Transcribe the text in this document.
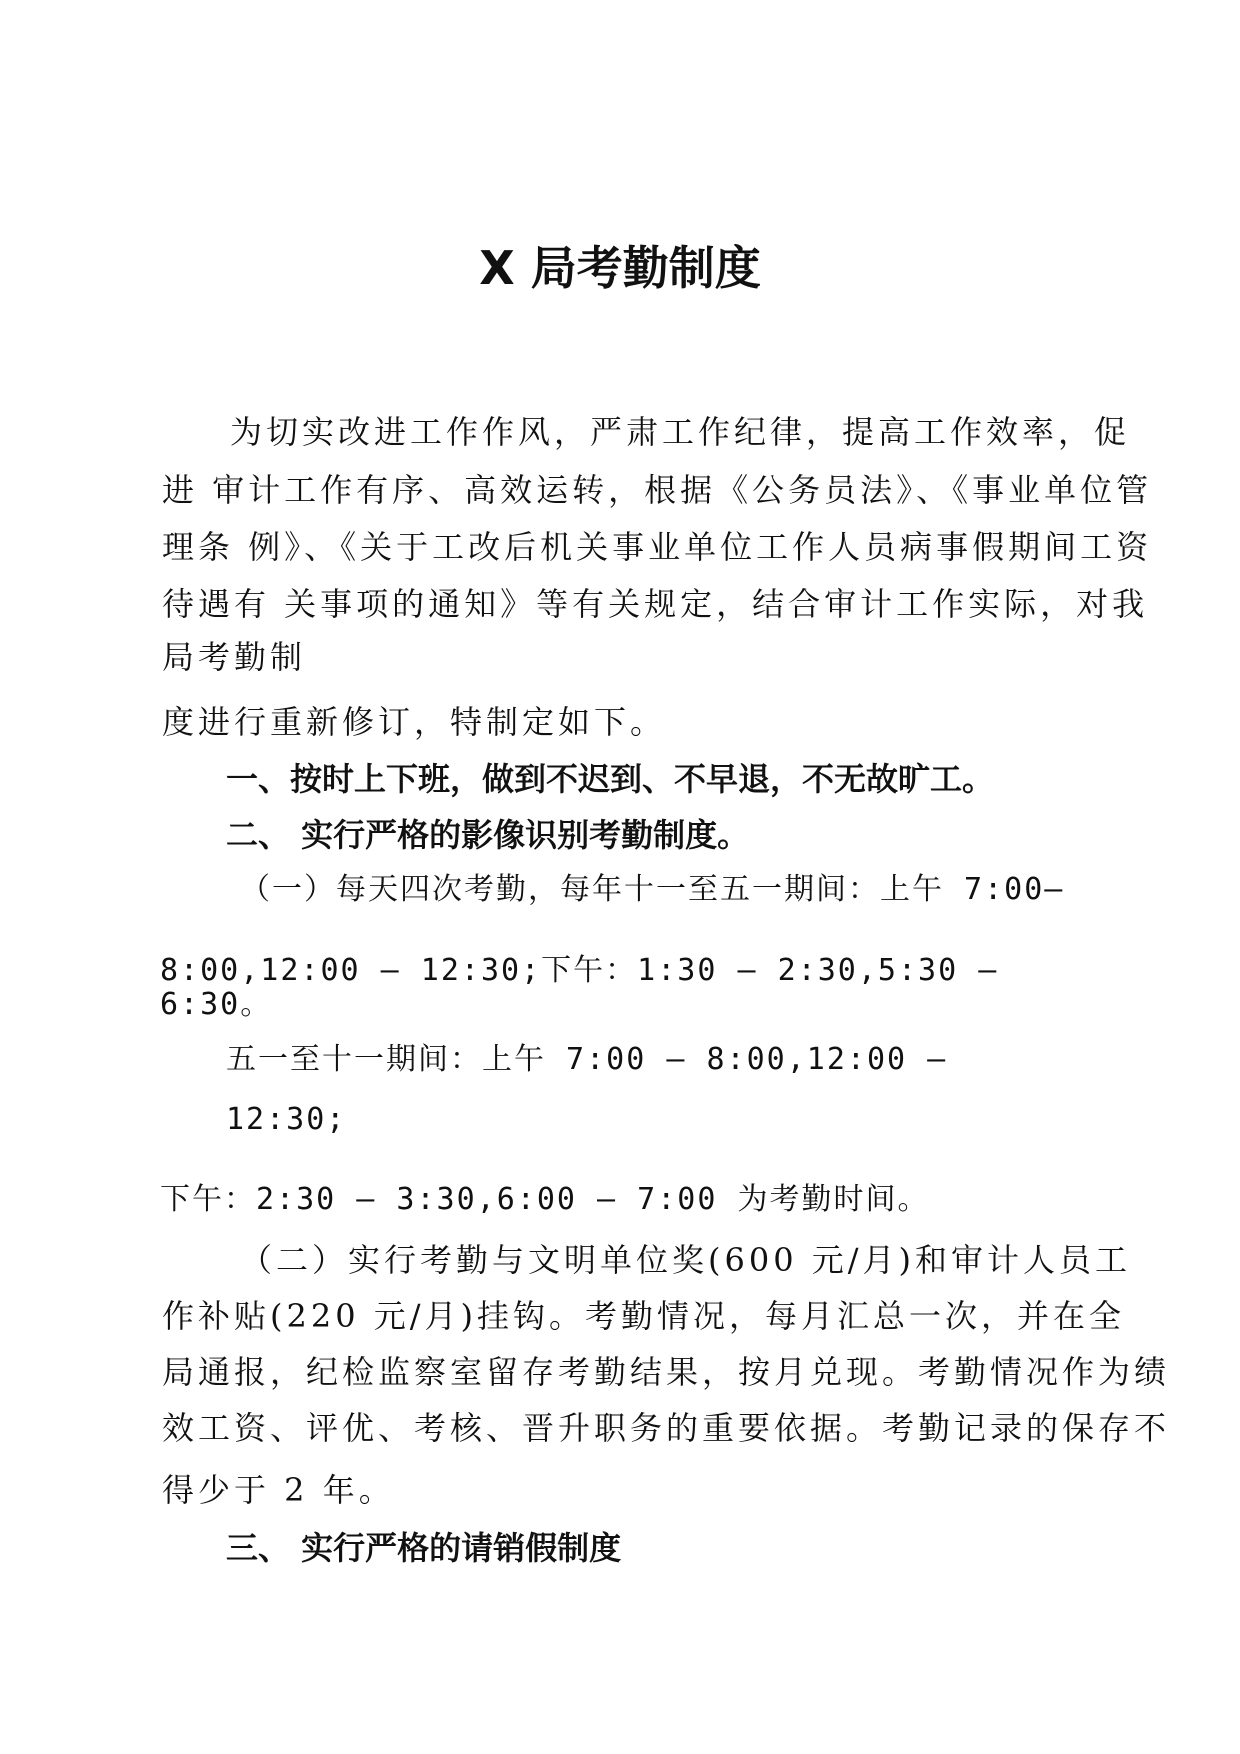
X 局考勤制度

为切实改进工作作风，严肃工作纪律，提高工作效率，促

进 审计工作有序、高效运转，根据《公务员法》、《事业单位管

理条 例》、《关于工改后机关事业单位工作人员病事假期间工资

待遇有 关事项的通知》等有关规定，结合审计工作实际，对我

局考勤制

度进行重新修订，特制定如下。

一、按时上下班，做到不迟到、不早退，不无故旷工。

二、 实行严格的影像识别考勤制度。

（一）每天四次考勤，每年十一至五一期间：上午 7:00—

8:00,12:00 — 12:30;下午：1:30 — 2:30,5:30 —

6:30。

五一至十一期间：上午 7:00 — 8:00,12:00 —

12:30;

下午：2:30 — 3:30,6:00 — 7:00 为考勤时间。

（二）实行考勤与文明单位奖(600 元/月)和审计人员工

作补贴(220 元/月)挂钩。考勤情况，每月汇总一次，并在全

局通报，纪检监察室留存考勤结果，按月兑现。考勤情况作为绩

效工资、评优、考核、晋升职务的重要依据。考勤记录的保存不

得少于 2 年。

三、 实行严格的请销假制度
